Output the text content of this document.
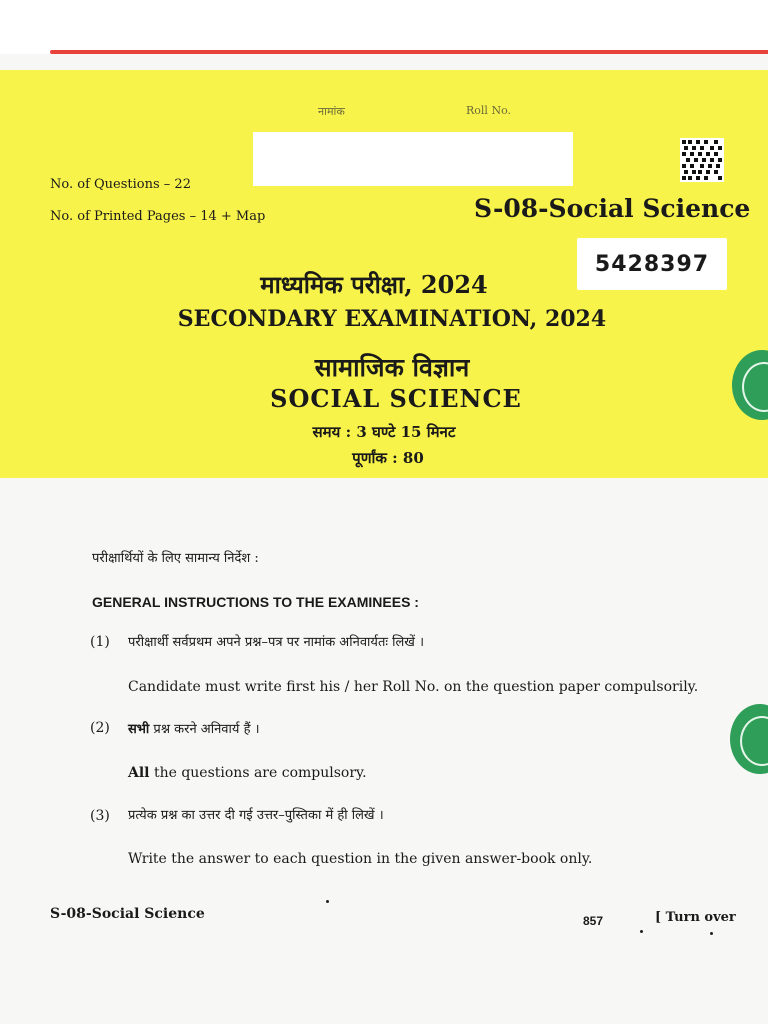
नामांक	Roll No.
No. of Questions – 22
No. of Printed Pages – 14 + Map	S-08-Social Science
5428397
माध्यमिक परीक्षा, 2024
SECONDARY EXAMINATION, 2024
सामाजिक विज्ञान
SOCIAL SCIENCE
समय : 3 घण्टे 15 मिनट
पूर्णांक : 80
परीक्षार्थियों के लिए सामान्य निर्देश :
GENERAL INSTRUCTIONS TO THE EXAMINEES :
(1) परीक्षार्थी सर्वप्रथम अपने प्रश्न–पत्र पर नामांक अनिवार्यतः लिखें ।
Candidate must write first his / her Roll No. on the question paper compulsorily.
(2) सभी प्रश्न करने अनिवार्य हैं ।
All the questions are compulsory.
(3) प्रत्येक प्रश्न का उत्तर दी गई उत्तर–पुस्तिका में ही लिखें ।
Write the answer to each question in the given answer-book only.
S-08-Social Science	857	[ Turn over
